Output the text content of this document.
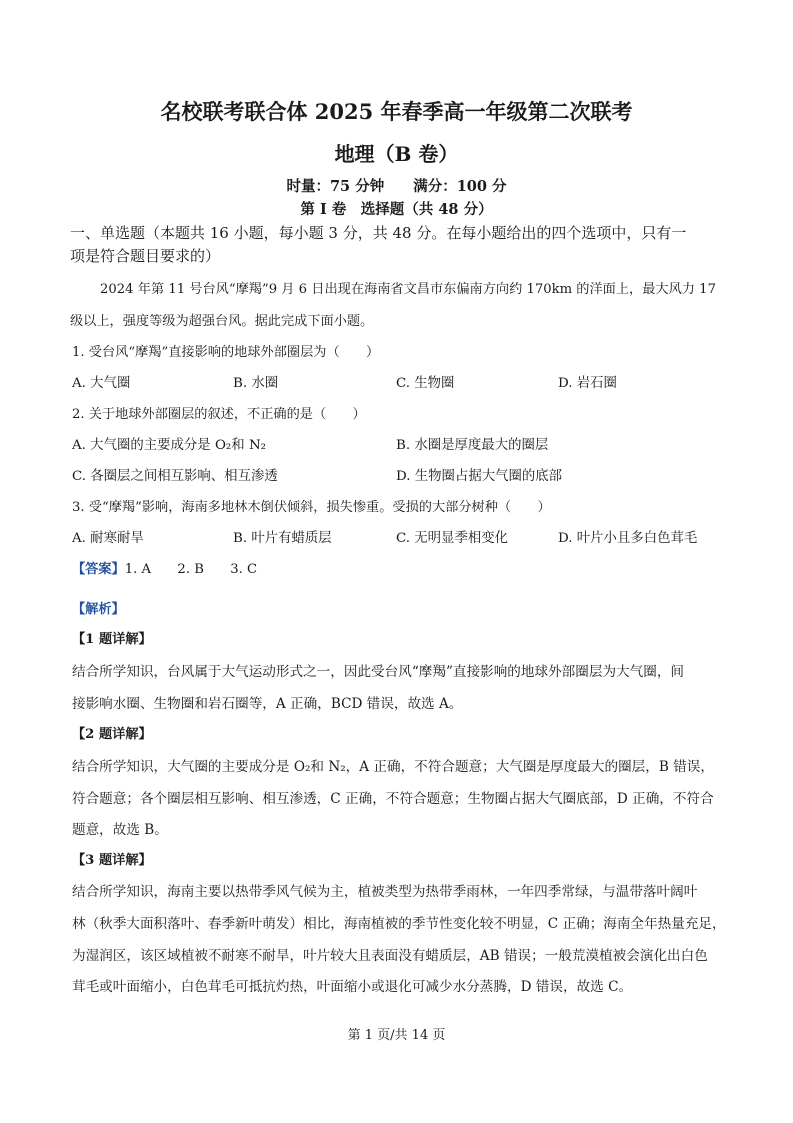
名校联考联合体 2025 年春季高一年级第二次联考
地理（B 卷）
时量：75 分钟　　满分：100 分
第 I 卷　选择题（共 48 分）
一、单选题（本题共 16 小题，每小题 3 分，共 48 分。在每小题给出的四个选项中，只有一
项是符合题目要求的）
2024 年第 11 号台风“摩羯”9 月 6 日出现在海南省文昌市东偏南方向约 170km 的洋面上，最大风力 17
级以上，强度等级为超强台风。据此完成下面小题。
1. 受台风“摩羯”直接影响的地球外部圈层为（　　）
A. 大气圈	B. 水圈	C. 生物圈	D. 岩石圈
2. 关于地球外部圈层的叙述，不正确的是（　　）
A. 大气圈的主要成分是 O₂和 N₂	B. 水圈是厚度最大的圈层
C. 各圈层之间相互影响、相互渗透	D. 生物圈占据大气圈的底部
3. 受“摩羯”影响，海南多地林木倒伏倾斜，损失惨重。受损的大部分树种（　　）
A. 耐寒耐旱	B. 叶片有蜡质层	C. 无明显季相变化	D. 叶片小且多白色茸毛
【答案】1. A　　2. B　　3. C
【解析】
【1 题详解】
结合所学知识，台风属于大气运动形式之一，因此受台风“摩羯”直接影响的地球外部圈层为大气圈，间
接影响水圈、生物圈和岩石圈等，A 正确，BCD 错误，故选 A。
【2 题详解】
结合所学知识，大气圈的主要成分是 O₂和 N₂，A 正确，不符合题意；大气圈是厚度最大的圈层，B 错误，
符合题意；各个圈层相互影响、相互渗透，C 正确，不符合题意；生物圈占据大气圈底部，D 正确，不符合
题意，故选 B。
【3 题详解】
结合所学知识，海南主要以热带季风气候为主，植被类型为热带季雨林，一年四季常绿，与温带落叶阔叶
林（秋季大面积落叶、春季新叶萌发）相比，海南植被的季节性变化较不明显，C 正确；海南全年热量充足，
为湿润区，该区域植被不耐寒不耐旱，叶片较大且表面没有蜡质层，AB 错误；一般荒漠植被会演化出白色
茸毛或叶面缩小，白色茸毛可抵抗灼热，叶面缩小或退化可减少水分蒸腾，D 错误，故选 C。
第 1 页/共 14 页
